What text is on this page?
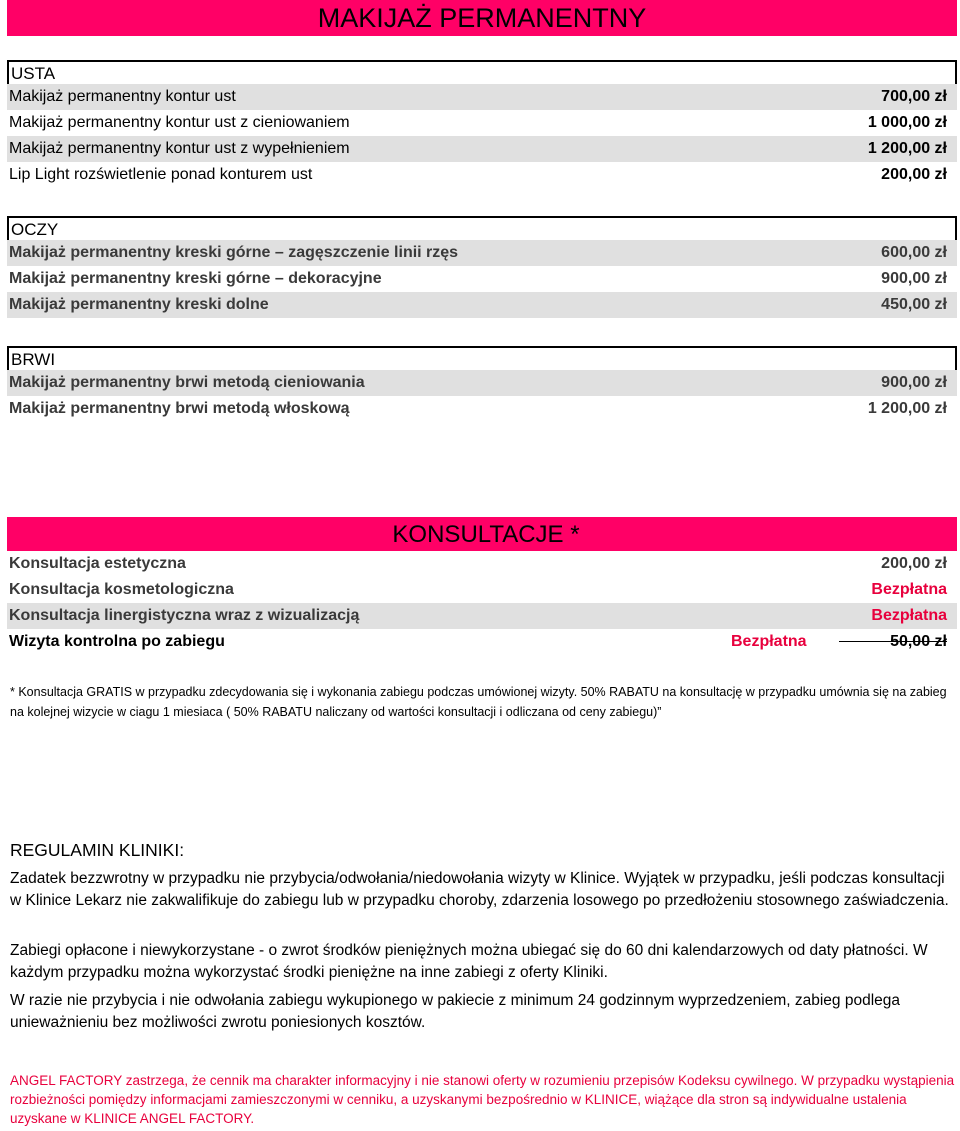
MAKIJAŻ PERMANENTNY
USTA
Makijaż permanentny kontur ust	700,00 zł
Makijaż permanentny kontur ust z cieniowaniem	1 000,00 zł
Makijaż permanentny kontur ust z wypełnieniem	1 200,00 zł
Lip Light rozświetlenie ponad konturem ust	200,00 zł
OCZY
Makijaż permanentny kreski górne – zagęszczenie linii rzęs	600,00 zł
Makijaż permanentny kreski górne – dekoracyjne	900,00 zł
Makijaż permanentny kreski dolne	450,00 zł
BRWI
Makijaż permanentny brwi metodą cieniowania	900,00 zł
Makijaż permanentny brwi metodą włoskową	1 200,00 zł
KONSULTACJE *
Konsultacja estetyczna	200,00 zł
Konsultacja kosmetologiczna	Bezpłatna
Konsultacja linergistyczna wraz z wizualizacją	Bezpłatna
Wizyta kontrolna po zabiegu	Bezpłatna	50,00 zł
* Konsultacja GRATIS w przypadku zdecydowania się i wykonania zabiegu podczas umówionej wizyty. 50% RABATU na konsultację w przypadku umównia się na zabieg na kolejnej wizycie w ciagu 1 miesiaca ( 50% RABATU naliczany od wartości konsultacji i odliczana od ceny zabiegu)”
REGULAMIN KLINIKI:
Zadatek bezzwrotny w przypadku nie przybycia/odwołania/niedowołania wizyty w Klinice. Wyjątek w przypadku, jeśli podczas konsultacji w Klinice Lekarz nie zakwalifikuje do zabiegu lub w przypadku choroby, zdarzenia losowego po przedłożeniu stosownego zaświadczenia.
Zabiegi opłacone i niewykorzystane - o zwrot środków pieniężnych można ubiegać się do 60 dni kalendarzowych od daty płatności. W każdym przypadku można wykorzystać środki pieniężne na inne zabiegi z oferty Kliniki.
W razie nie przybycia i nie odwołania zabiegu wykupionego w pakiecie z minimum 24 godzinnym wyprzedzeniem, zabieg podlega unieważnieniu bez możliwości zwrotu poniesionych kosztów.
ANGEL FACTORY zastrzega, że cennik ma charakter informacyjny i nie stanowi oferty w rozumieniu przepisów Kodeksu cywilnego. W przypadku wystąpienia rozbieżności pomiędzy informacjami zamieszczonymi w cenniku, a uzyskanymi bezpośrednio w KLINICE, wiążące dla stron są indywidualne ustalenia uzyskane w KLINICE ANGEL FACTORY.
